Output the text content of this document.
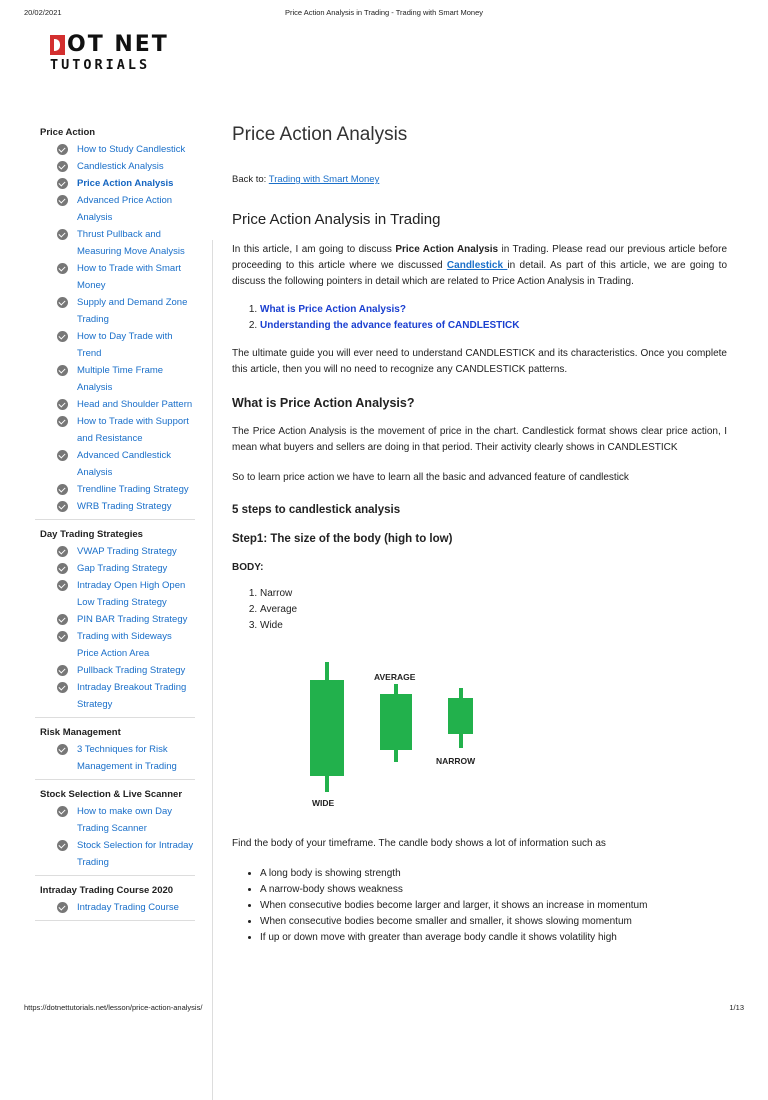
20/02/2021	Price Action Analysis in Trading - Trading with Smart Money
OT NET
TUTORIALS
Price Action
How to Study Candlestick
Candlestick Analysis
Price Action Analysis
Advanced Price Action Analysis
Thrust Pullback and Measuring Move Analysis
How to Trade with Smart Money
Supply and Demand Zone Trading
How to Day Trade with Trend
Multiple Time Frame Analysis
Head and Shoulder Pattern
How to Trade with Support and Resistance
Advanced Candlestick Analysis
Trendline Trading Strategy
WRB Trading Strategy
Day Trading Strategies
VWAP Trading Strategy
Gap Trading Strategy
Intraday Open High Open Low Trading Strategy
PIN BAR Trading Strategy
Trading with Sideways Price Action Area
Pullback Trading Strategy
Intraday Breakout Trading Strategy
Risk Management
3 Techniques for Risk Management in Trading
Stock Selection & Live Scanner
How to make own Day Trading Scanner
Stock Selection for Intraday Trading
Intraday Trading Course 2020
Intraday Trading Course
Price Action Analysis
Back to: Trading with Smart Money
Price Action Analysis in Trading

In this article, I am going to discuss Price Action Analysis in Trading. Please read our previous article before proceeding to this article where we discussed Candlestick in detail. As part of this article, we are going to discuss the following pointers in detail which are related to Price Action Analysis in Trading.

1. What is Price Action Analysis?
2. Understanding the advance features of CANDLESTICK

The ultimate guide you will ever need to understand CANDLESTICK and its characteristics. Once you complete this article, then you will no need to recognize any CANDLESTICK patterns.

What is Price Action Analysis?

The Price Action Analysis is the movement of price in the chart. Candlestick format shows clear price action, I mean what buyers and sellers are doing in that period. Their activity clearly shows in CANDLESTICK

So to learn price action we have to learn all the basic and advanced feature of candlestick

5 steps to candlestick analysis
Step1: The size of the body (high to low)
BODY:
1. Narrow
2. Average
3. Wide
WIDE
AVERAGE
NARROW

Find the body of your timeframe. The candle body shows a lot of information such as

• A long body is showing strength
• A narrow-body shows weakness
• When consecutive bodies become larger and larger, it shows an increase in momentum
• When consecutive bodies become smaller and smaller, it shows slowing momentum
• If up or down move with greater than average body candle it shows volatility high
https://dotnettutorials.net/lesson/price-action-analysis/	1/13
